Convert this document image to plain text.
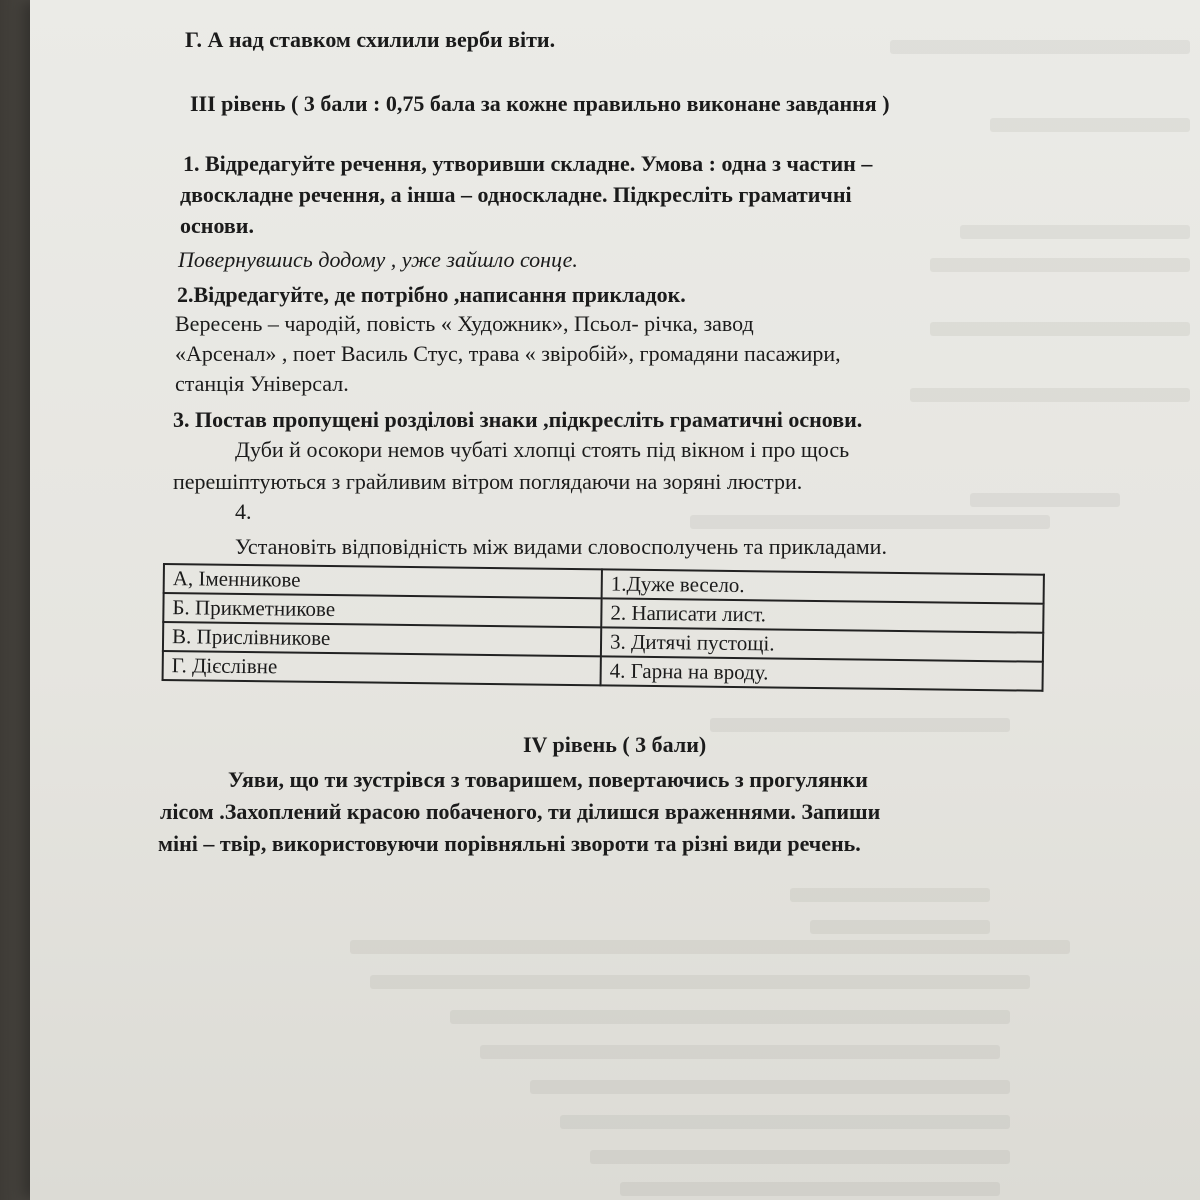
Г. А над ставком схилили верби віти.
ІІІ рівень ( 3 бали : 0,75 бала за кожне правильно виконане завдання )
1. Відредагуйте речення, утворивши складне. Умова : одна з частин –
двоскладне речення, а інша – односкладне. Підкресліть граматичні
основи.
Повернувшись додому , уже зайшло сонце.
2.Відредагуйте, де потрібно ,написання прикладок.
Вересень – чародій, повість « Художник», Псьол- річка, завод
«Арсенал» , поет Василь Стус, трава « звіробій», громадяни пасажири,
станція Універсал.
3. Постав пропущені розділові знаки ,підкресліть граматичні основи.
Дуби й осокори немов чубаті хлопці стоять під вікном і про щось
перешіптуються з грайливим вітром поглядаючи на зоряні люстри.
4.
Установіть відповідність між видами словосполучень та прикладами.
А, Іменникове	1.Дуже весело.
Б. Прикметникове	2. Написати лист.
В. Прислівникове	3. Дитячі пустощі.
Г. Дієслівне	4. Гарна на вроду.
IV рівень ( 3 бали)
Уяви, що ти зустрівся з товаришем, повертаючись з прогулянки
лісом .Захоплений красою побаченого, ти ділишся враженнями. Запиши
міні – твір, використовуючи порівняльні звороти та різні види речень.
